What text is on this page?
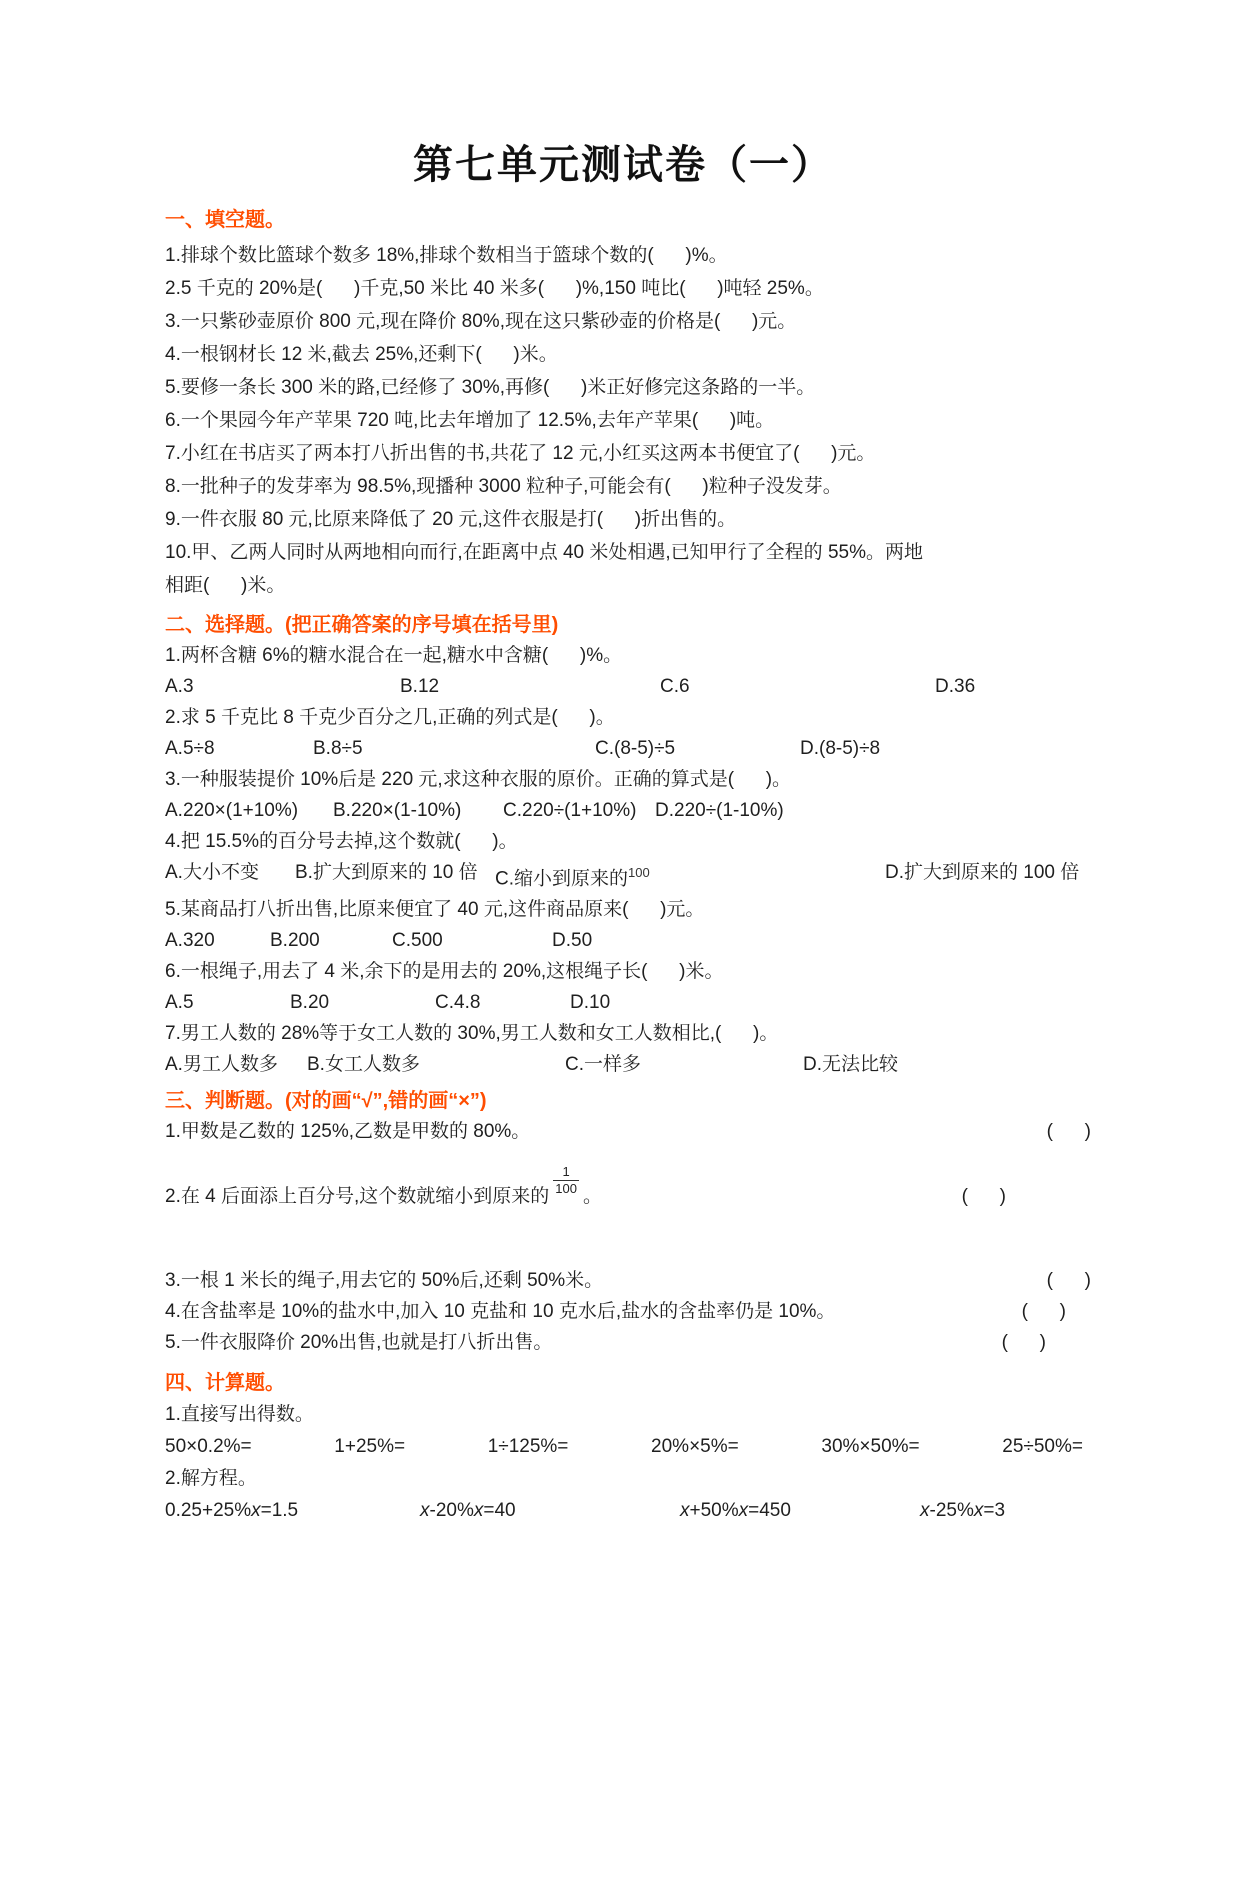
第七单元测试卷（一）
一、填空题。
1.排球个数比篮球个数多 18%,排球个数相当于篮球个数的(      )%。
2.5 千克的 20%是(      )千克,50 米比 40 米多(      )%,150 吨比(      )吨轻 25%。
3.一只紫砂壶原价 800 元,现在降价 80%,现在这只紫砂壶的价格是(      )元。
4.一根钢材长 12 米,截去 25%,还剩下(      )米。
5.要修一条长 300 米的路,已经修了 30%,再修(      )米正好修完这条路的一半。
6.一个果园今年产苹果 720 吨,比去年增加了 12.5%,去年产苹果(      )吨。
7.小红在书店买了两本打八折出售的书,共花了 12 元,小红买这两本书便宜了(      )元。
8.一批种子的发芽率为 98.5%,现播种 3000 粒种子,可能会有(      )粒种子没发芽。
9.一件衣服 80 元,比原来降低了 20 元,这件衣服是打(      )折出售的。
10.甲、乙两人同时从两地相向而行,在距离中点 40 米处相遇,已知甲行了全程的 55%。两地
相距(      )米。
二、选择题。(把正确答案的序号填在括号里)
1.两杯含糖 6%的糖水混合在一起,糖水中含糖(      )%。
A.3	B.12	C.6	D.36
2.求 5 千克比 8 千克少百分之几,正确的列式是(      )。
A.5÷8	B.8÷5	C.(8-5)÷5	D.(8-5)÷8
3.一种服装提价 10%后是 220 元,求这种衣服的原价。正确的算式是(      )。
A.220×(1+10%)	B.220×(1-10%)	C.220÷(1+10%) D.220÷(1-10%)
4.把 15.5%的百分号去掉,这个数就(      )。
A.大小不变	B.扩大到原来的 10 倍 C.缩小到原来的$^{100}$	D.扩大到原来的 100 倍
5.某商品打八折出售,比原来便宜了 40 元,这件商品原来(      )元。
A.320	B.200	C.500	D.50
6.一根绳子,用去了 4 米,余下的是用去的 20%,这根绳子长(      )米。
A.5	B.20	C.4.8	D.10
7.男工人数的 28%等于女工人数的 30%,男工人数和女工人数相比,(      )。
A.男工人数多	B.女工人数多	C.一样多	D.无法比较
三、判断题。(对的画“√”,错的画“×”)
1.甲数是乙数的 125%,乙数是甲数的 80%。	(      )
2.在 4 后面添上百分号,这个数就缩小到原来的 $\frac{1}{100}$ 。	(      )
3.一根 1 米长的绳子,用去它的 50%后,还剩 50%米。	(      )
4.在含盐率是 10%的盐水中,加入 10 克盐和 10 克水后,盐水的含盐率仍是 10%。	(      )
5.一件衣服降价 20%出售,也就是打八折出售。	(      )
四、计算题。
1.直接写出得数。
50×0.2%=	1+25%=	1÷125%=	20%×5%=	30%×50%=	25÷50%=
2.解方程。
0.25+25%x=1.5	x-20%x=40	x+50%x=450	x-25%x=3
